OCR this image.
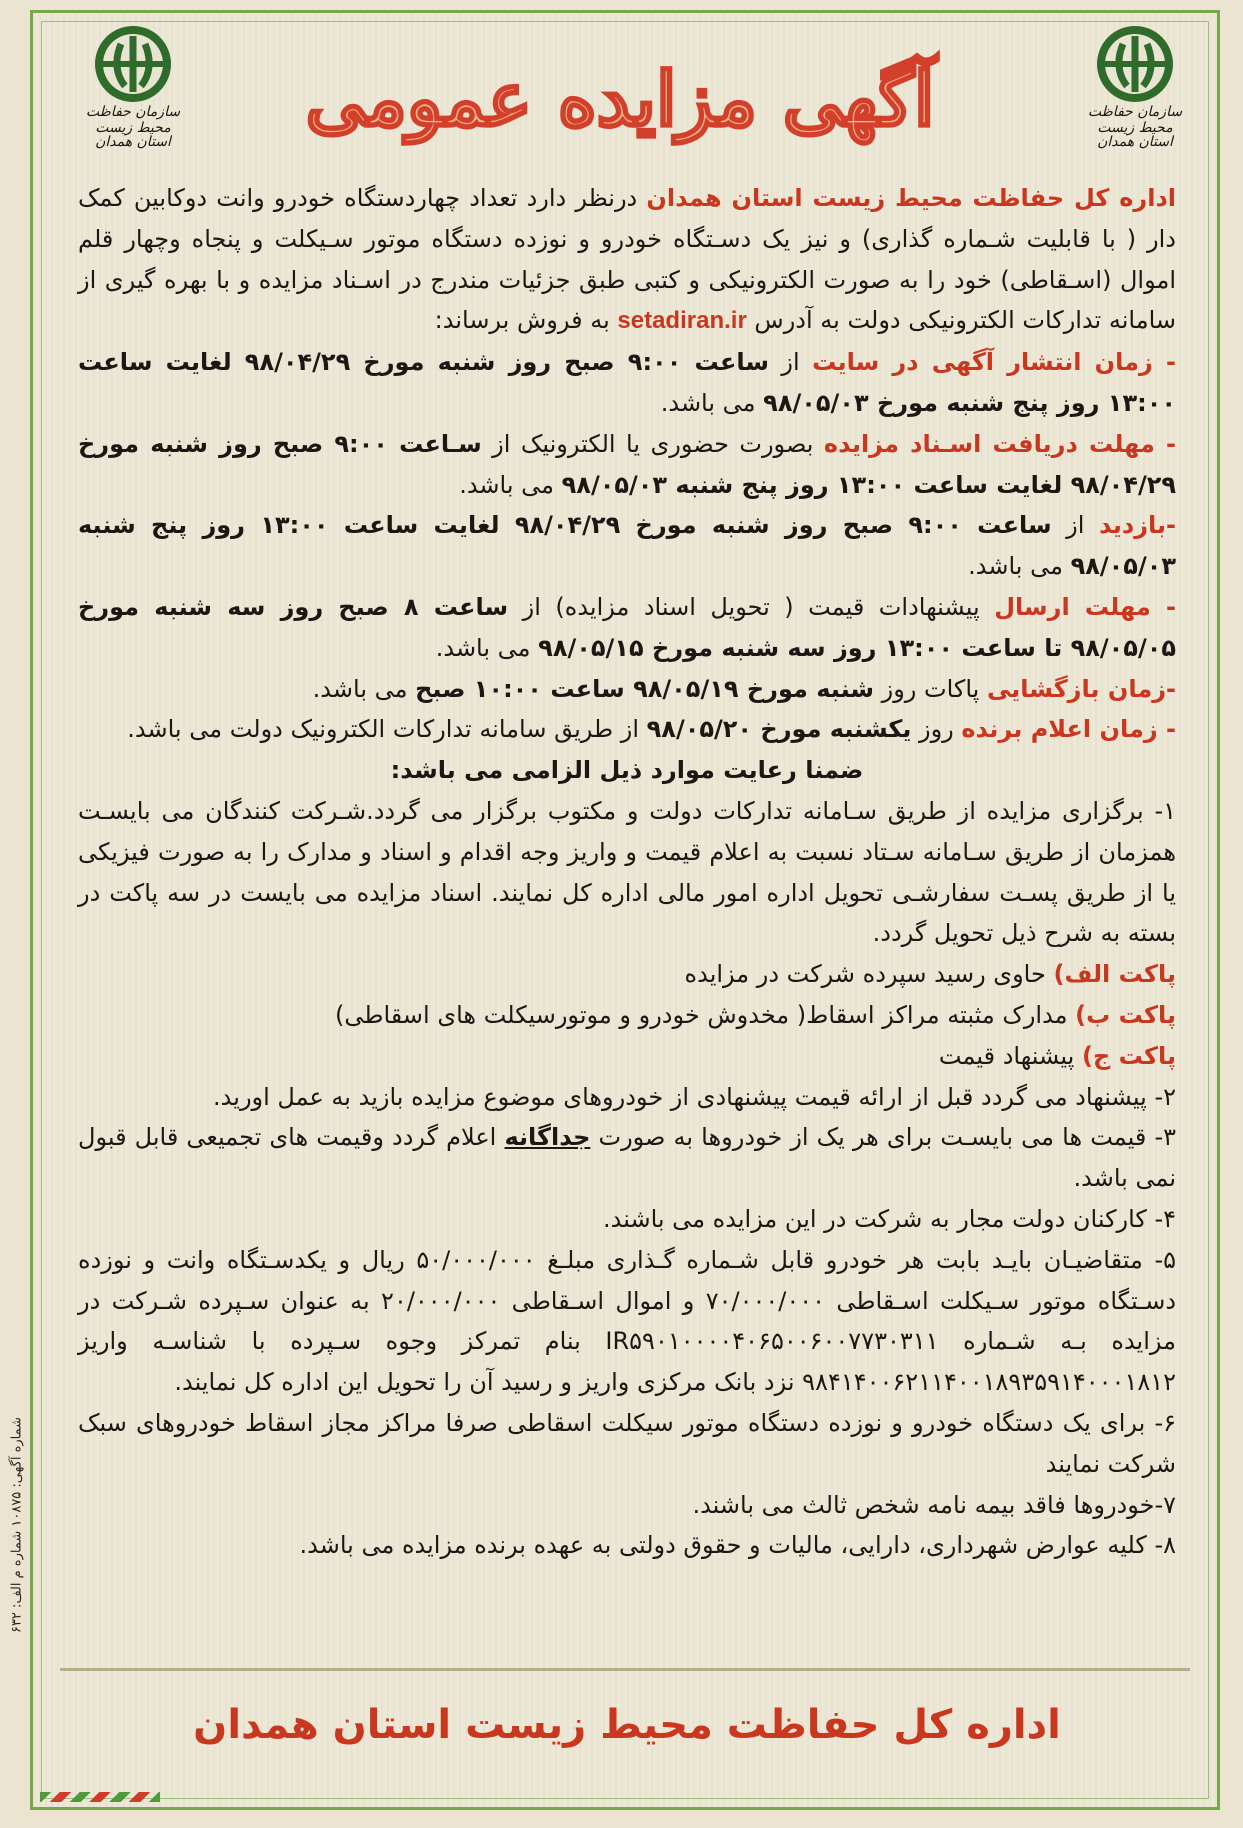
سازمان حفاظت محیط زیست
استان همدان
سازمان حفاظت محیط زیست
استان همدان	آگهی مزایده عمومی

اداره کل حفاظت محیط زیست استان همدان درنظر دارد تعداد چهاردستگاه خودرو وانت دوکابین کمک دار ( با قابلیت شـماره گذاری) و نیز یک دسـتگاه خودرو و نوزده دستگاه موتور سـیکلت و پنجاه وچهار قلم اموال (اسـقاطی) خود را به صورت الکترونیکی و کتبی طبق جزئیات مندرج در اسـناد مزایده و با بهره گیری از سامانه تدارکات الکترونیکی دولت به آدرس setadiran.ir به فروش برساند:

- زمان انتشار آگهی در سایت از ساعت ۹:۰۰ صبح روز شنبه مورخ ۹۸/۰۴/۲۹ لغایت ساعت ۱۳:۰۰ روز پنج شنبه مورخ ۹۸/۰۵/۰۳ می باشد.

- مهلت دریافت اسـناد مزایده بصورت حضوری یا الکترونیک از سـاعت ۹:۰۰ صبح روز شنبه مورخ ۹۸/۰۴/۲۹ لغایت ساعت ۱۳:۰۰ روز پنج شنبه ۹۸/۰۵/۰۳ می باشد.

-بازدید از ساعت ۹:۰۰ صبح روز شنبه مورخ ۹۸/۰۴/۲۹ لغایت ساعت ۱۳:۰۰ روز پنج شنبه ۹۸/۰۵/۰۳ می باشد.

- مهلت ارسال پیشنهادات قیمت ( تحویل اسناد مزایده) از ساعت ۸ صبح روز سه شنبه مورخ ۹۸/۰۵/۰۵ تا ساعت ۱۳:۰۰ روز سه شنبه مورخ ۹۸/۰۵/۱۵ می باشد.

-زمان بازگشایی پاکات روز شنبه مورخ ۹۸/۰۵/۱۹ ساعت ۱۰:۰۰ صبح می باشد.

- زمان اعلام برنده روز یکشنبه مورخ ۹۸/۰۵/۲۰ از طریق سامانه تدارکات الکترونیک دولت می باشد.

ضمنا رعایت موارد ذیل الزامی می باشد:

۱- برگزاری مزایده از طریق سـامانه تدارکات دولت و مکتوب برگزار می گردد.شـرکت کنندگان می بایسـت همزمان از طریق سـامانه سـتاد نسبت به اعلام قیمت و واریز وجه اقدام و اسناد و مدارک را به صورت فیزیکی یا از طریق پسـت سفارشـی تحویل اداره امور مالی اداره کل نمایند. اسناد مزایده می بایست در سه پاکت در بسته به شرح ذیل تحویل گردد.

پاکت الف) حاوی رسید سپرده شرکت در مزایده

پاکت ب) مدارک مثبته مراکز اسقاط( مخدوش خودرو و موتورسیکلت های اسقاطی)

پاکت ج) پیشنهاد قیمت

۲- پیشنهاد می گردد قبل از ارائه قیمت پیشنهادی از خودروهای موضوع مزایده بازید به عمل اورید.

۳- قیمت ها می بایسـت برای هر یک از خودروها به صورت جداگانه اعلام گردد وقیمت های تجمیعی قابل قبول نمی باشد.

۴- کارکنان دولت مجار به شرکت در این مزایده می باشند.

۵- متقاضیـان بایـد بابت هر خودرو قابل شـماره گـذاری مبلـغ ۵۰/۰۰۰/۰۰۰ ریال و یکدسـتگاه وانت و نوزده دسـتگاه موتور سـیکلت اسـقاطی ۷۰/۰۰۰/۰۰۰ و اموال اسـقاطی ۲۰/۰۰۰/۰۰۰ به عنوان سـپرده شـرکت در مزایده بـه شـماره IR۵۹۰۱۰۰۰۰۴۰۶۵۰۰۶۰۰۷۷۳۰۳۱۱ بنام تمرکز وجوه سـپرده با شناسـه واریز ۹۸۴۱۴۰۰۶۲۱۱۴۰۰۱۸۹۳۵۹۱۴۰۰۰۱۸۱۲ نزد بانک مرکزی واریز و رسید آن را تحویل این اداره کل نمایند.

۶- برای یک دستگاه خودرو و نوزده دستگاه موتور سیکلت اسقاطی صرفا مراکز مجاز اسقاط خودروهای سبک شرکت نمایند

۷-خودروها فاقد بیمه نامه شخص ثالث می باشند.

۸- کلیه عوارض شهرداری، دارایی، مالیات و حقوق دولتی به عهده برنده مزایده می باشد.

اداره کل حفاظت محیط زیست استان همدان
شماره آگهی: ۱۰۸۷۵ شماره م الف: ۶۳۲
